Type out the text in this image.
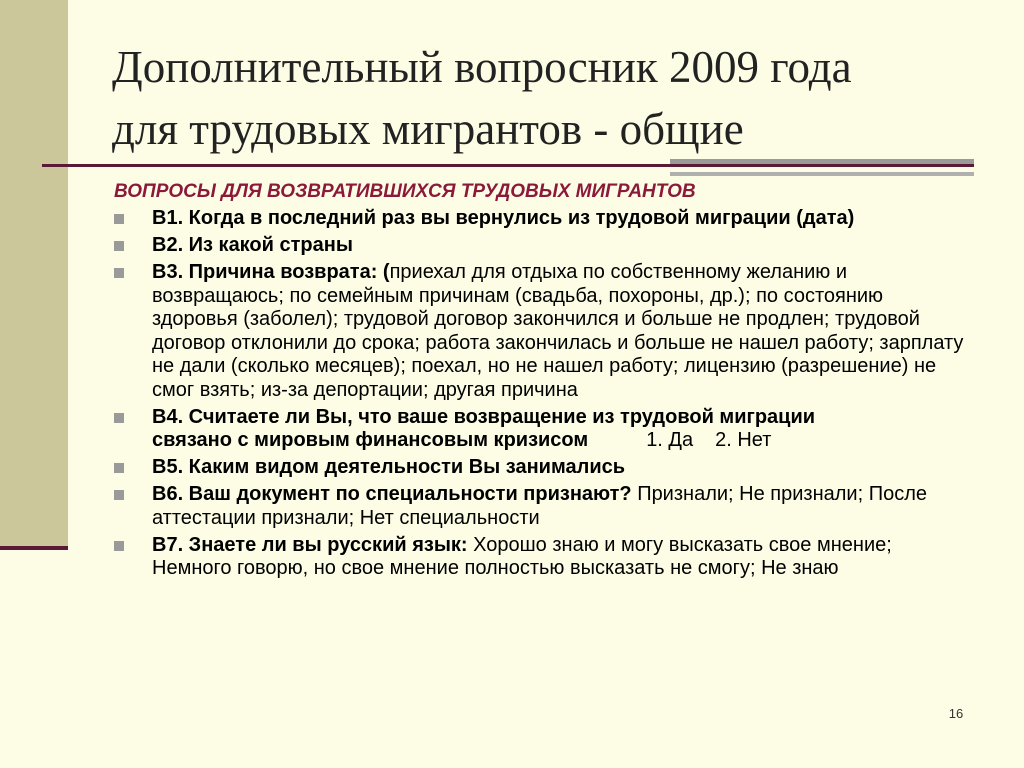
Дополнительный вопросник 2009 года
для трудовых мигрантов - общие
ВОПРОСЫ ДЛЯ ВОЗВРАТИВШИХСЯ ТРУДОВЫХ МИГРАНТОВ
В1. Когда в последний раз вы вернулись из трудовой миграции (дата)
В2. Из какой страны
В3. Причина возврата: (приехал для отдыха по собственному желанию и возвращаюсь; по семейным причинам (свадьба, похороны, др.); по состоянию здоровья (заболел); трудовой договор закончился и больше не продлен; трудовой договор отклонили до срока; работа закончилась и больше не нашел работу; зарплату не дали (сколько месяцев); поехал, но не нашел работу; лицензию (разрешение) не смог взять; из-за депортации; другая причина
В4. Считаете ли Вы, что ваше возвращение из трудовой миграции
связано с мировым финансовым кризисом	1. Да 2. Нет
В5. Каким видом деятельности Вы занимались
В6. Ваш документ по специальности признают? Признали; Не признали; После аттестации признали; Нет специальности
В7. Знаете ли вы русский язык: Хорошо знаю и могу высказать свое мнение; Немного говорю, но свое мнение полностью высказать не смогу; Не знаю
16
